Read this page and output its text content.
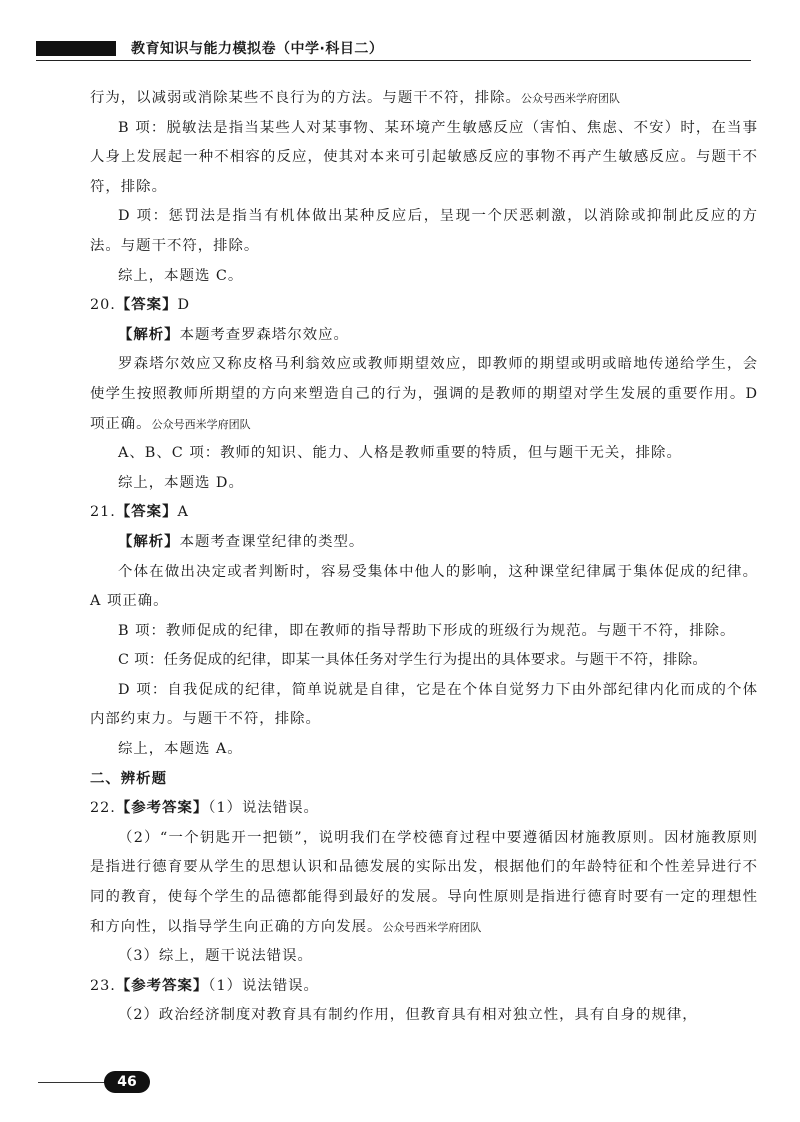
教育知识与能力模拟卷（中学·科目二）

行为，以减弱或消除某些不良行为的方法。与题干不符，排除。公众号西米学府团队

B 项：脱敏法是指当某些人对某事物、某环境产生敏感反应（害怕、焦虑、不安）时，在当事人身上发展起一种不相容的反应，使其对本来可引起敏感反应的事物不再产生敏感反应。与题干不符，排除。

D 项：惩罚法是指当有机体做出某种反应后，呈现一个厌恶刺激，以消除或抑制此反应的方法。与题干不符，排除。

综上，本题选 C。

20.【答案】D

【解析】本题考查罗森塔尔效应。

罗森塔尔效应又称皮格马利翁效应或教师期望效应，即教师的期望或明或暗地传递给学生，会使学生按照教师所期望的方向来塑造自己的行为，强调的是教师的期望对学生发展的重要作用。D 项正确。公众号西米学府团队

A、B、C 项：教师的知识、能力、人格是教师重要的特质，但与题干无关，排除。

综上，本题选 D。

21.【答案】A

【解析】本题考查课堂纪律的类型。

个体在做出决定或者判断时，容易受集体中他人的影响，这种课堂纪律属于集体促成的纪律。A 项正确。

B 项：教师促成的纪律，即在教师的指导帮助下形成的班级行为规范。与题干不符，排除。

C 项：任务促成的纪律，即某一具体任务对学生行为提出的具体要求。与题干不符，排除。

D 项：自我促成的纪律，简单说就是自律，它是在个体自觉努力下由外部纪律内化而成的个体内部约束力。与题干不符，排除。

综上，本题选 A。

二、辨析题

22.【参考答案】（1）说法错误。

（2）“一个钥匙开一把锁”，说明我们在学校德育过程中要遵循因材施教原则。因材施教原则是指进行德育要从学生的思想认识和品德发展的实际出发，根据他们的年龄特征和个性差异进行不同的教育，使每个学生的品德都能得到最好的发展。导向性原则是指进行德育时要有一定的理想性和方向性，以指导学生向正确的方向发展。公众号西米学府团队

（3）综上，题干说法错误。

23.【参考答案】（1）说法错误。

（2）政治经济制度对教育具有制约作用，但教育具有相对独立性，具有自身的规律，

46
